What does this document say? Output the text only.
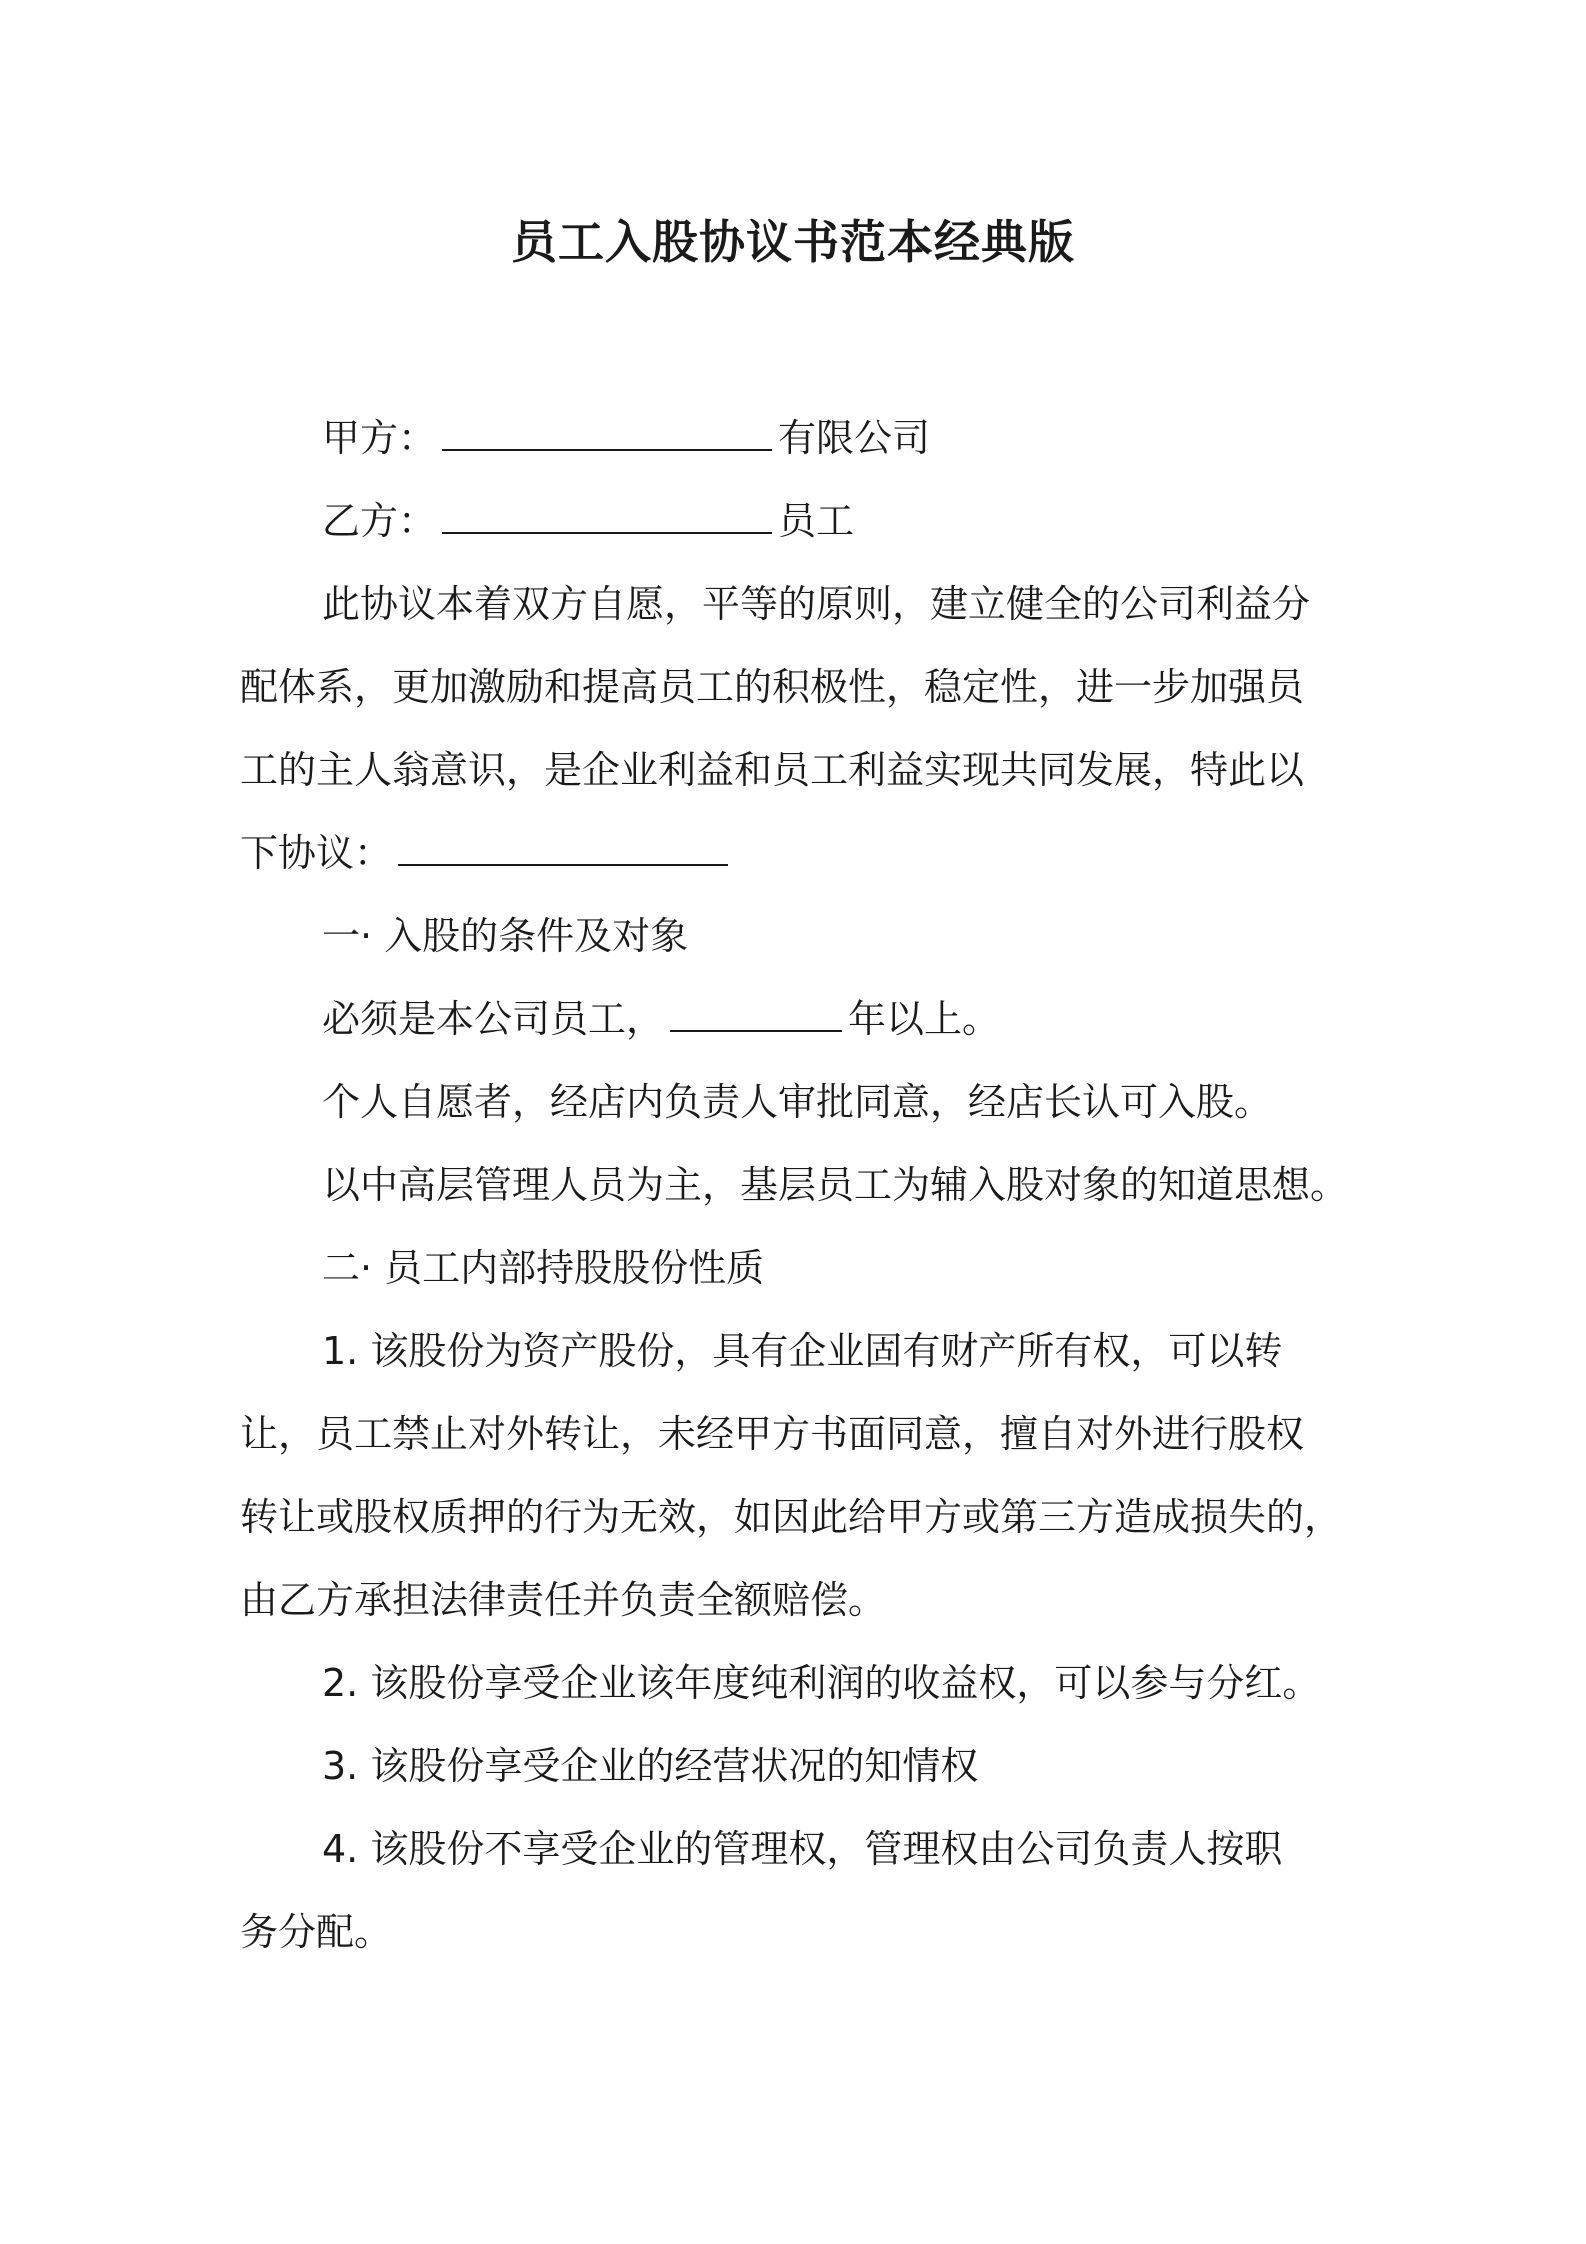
员工入股协议书范本经典版

甲方：	有限公司

乙方：	员工

此协议本着双方自愿，平等的原则，建立健全的公司利益分

配体系，更加激励和提高员工的积极性，稳定性，进一步加强员

工的主人翁意识，是企业利益和员工利益实现共同发展，特此以

下协议：

一· 入股的条件及对象

必须是本公司员工，	年以上。

个人自愿者，经店内负责人审批同意，经店长认可入股。

以中高层管理人员为主，基层员工为辅入股对象的知道思想。

二· 员工内部持股股份性质

1. 该股份为资产股份，具有企业固有财产所有权，可以转

让，员工禁止对外转让，未经甲方书面同意，擅自对外进行股权

转让或股权质押的行为无效，如因此给甲方或第三方造成损失的，

由乙方承担法律责任并负责全额赔偿。

2. 该股份享受企业该年度纯利润的收益权，可以参与分红。

3. 该股份享受企业的经营状况的知情权

4. 该股份不享受企业的管理权，管理权由公司负责人按职

务分配。
